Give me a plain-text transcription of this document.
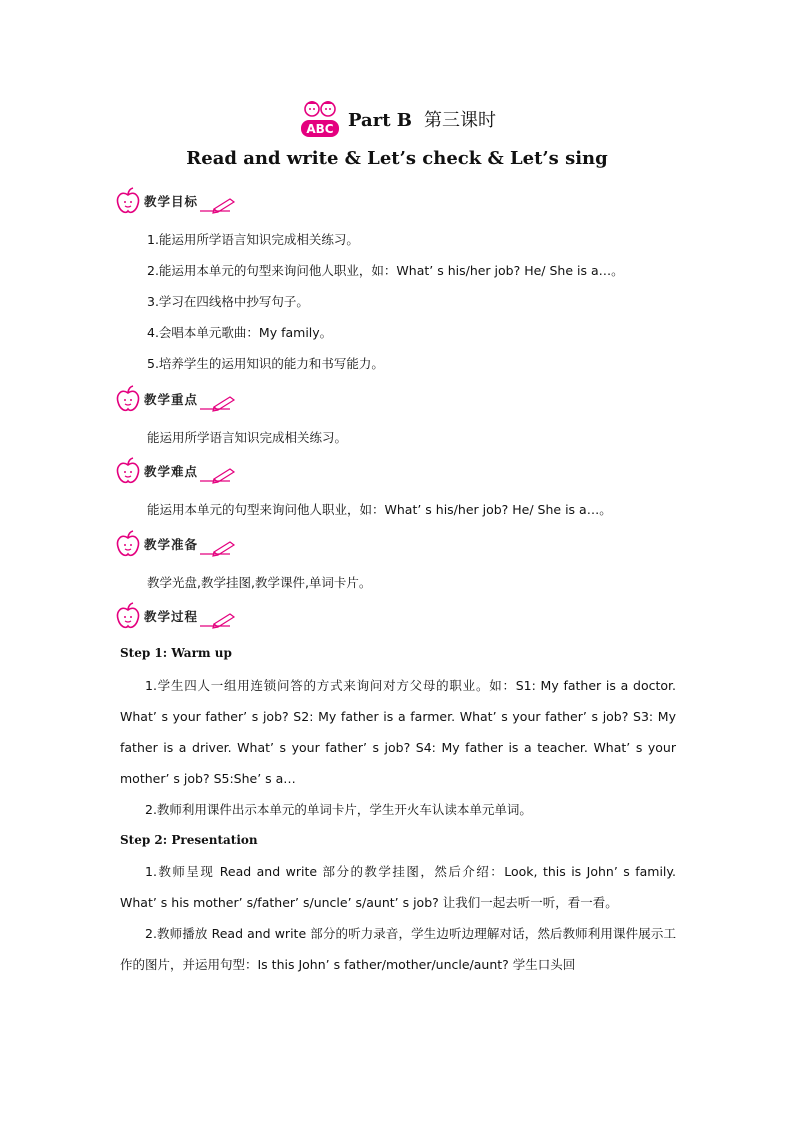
ABC Part B 第三课时
Read and write & Let’s check & Let’s sing
教学目标
1.能运用所学语言知识完成相关练习。
2.能运用本单元的句型来询问他人职业，如：What’ s his/her job? He/ She is a…。
3.学习在四线格中抄写句子。
4.会唱本单元歌曲：My family。
5.培养学生的运用知识的能力和书写能力。
教学重点
能运用所学语言知识完成相关练习。
教学难点
能运用本单元的句型来询问他人职业，如：What’ s his/her job? He/ She is a…。
教学准备
教学光盘,教学挂图,教学课件,单词卡片。
教学过程
Step 1: Warm up
1.学生四人一组用连锁问答的方式来询问对方父母的职业。如：S1: My father is a doctor. What’ s your father’ s job? S2: My father is a farmer. What’ s your father’ s job? S3: My father is a driver. What’ s your father’ s job? S4: My father is a teacher. What’ s your mother’ s job? S5:She’ s a…
2.教师利用课件出示本单元的单词卡片，学生开火车认读本单元单词。
Step 2: Presentation
1.教师呈现 Read and write 部分的教学挂图，然后介绍：Look, this is John’ s family. What’ s his mother’ s/father’ s/uncle’ s/aunt’ s job? 让我们一起去听一听，看一看。
2.教师播放 Read and write 部分的听力录音，学生边听边理解对话，然后教师利用课件展示工作的图片，并运用句型：Is this John’ s father/mother/uncle/aunt? 学生口头回
